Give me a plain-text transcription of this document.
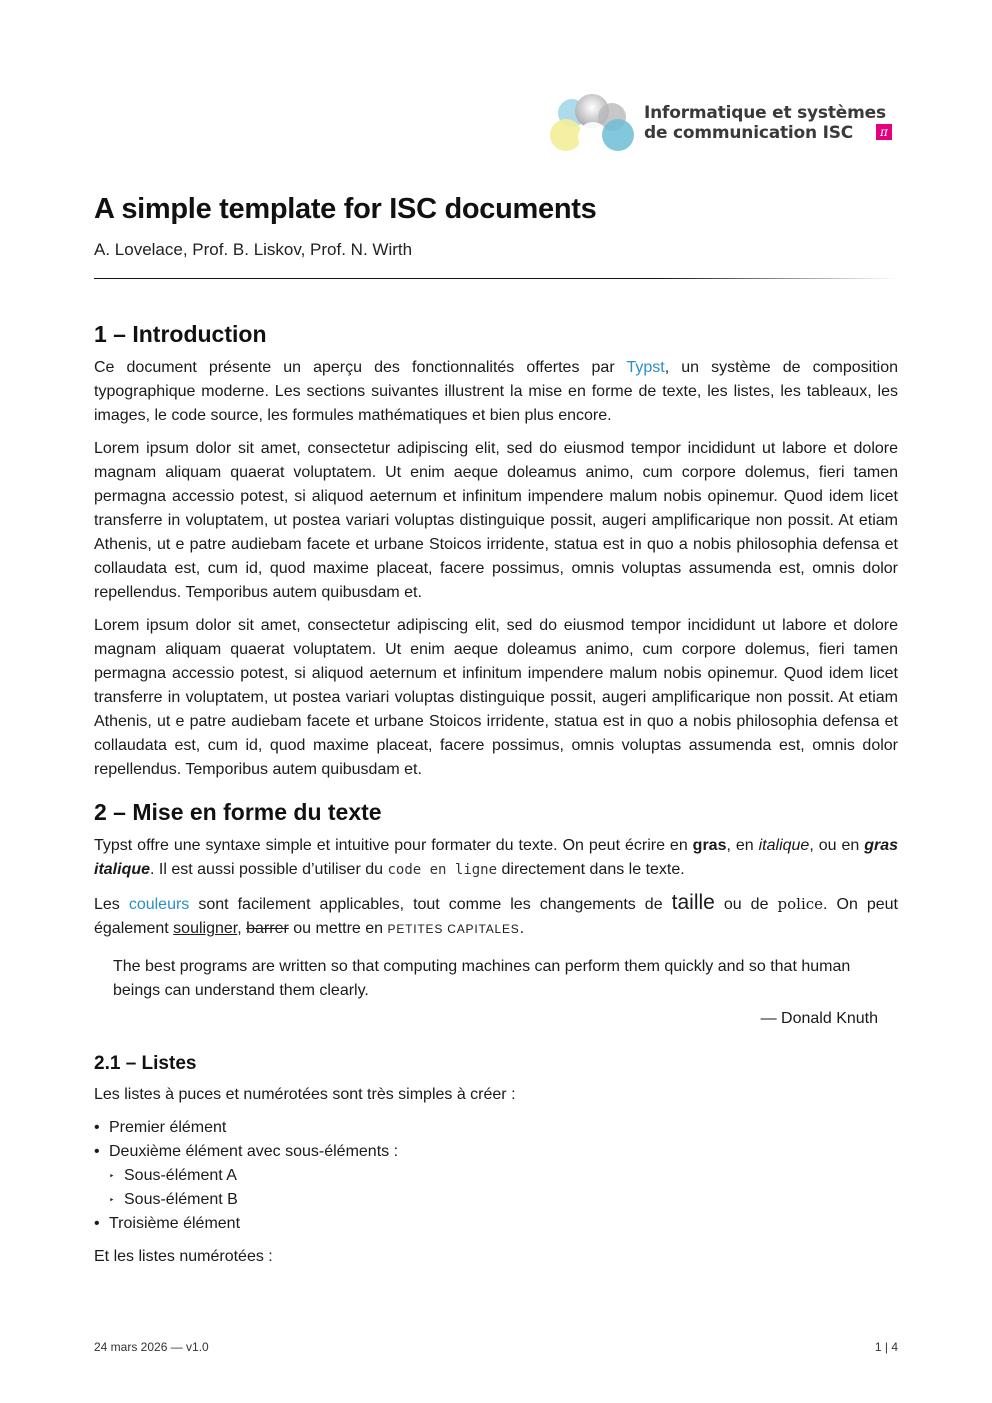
Informatique et systèmes
de communication ISC	π
A simple template for ISC documents
A. Lovelace, Prof. B. Liskov, Prof. N. Wirth
1 – Introduction

Ce document présente un aperçu des fonctionnalités offertes par Typst, un système de composition typographique moderne. Les sections suivantes illustrent la mise en forme de texte, les listes, les tableaux, les images, le code source, les formules mathématiques et bien plus encore.

Lorem ipsum dolor sit amet, consectetur adipiscing elit, sed do eiusmod tempor incididunt ut labore et dolore magnam aliquam quaerat voluptatem. Ut enim aeque doleamus animo, cum corpore dolemus, fieri tamen permagna accessio potest, si aliquod aeternum et infinitum impendere malum nobis opinemur. Quod idem licet transferre in voluptatem, ut postea variari voluptas distinguique possit, augeri amplificarique non possit. At etiam Athenis, ut e patre audiebam facete et urbane Stoicos irridente, statua est in quo a nobis philosophia defensa et collaudata est, cum id, quod maxime placeat, facere possimus, omnis voluptas assumenda est, omnis dolor repellendus. Temporibus autem quibusdam et.

Lorem ipsum dolor sit amet, consectetur adipiscing elit, sed do eiusmod tempor incididunt ut labore et dolore magnam aliquam quaerat voluptatem. Ut enim aeque doleamus animo, cum corpore dolemus, fieri tamen permagna accessio potest, si aliquod aeternum et infinitum impendere malum nobis opinemur. Quod idem licet transferre in voluptatem, ut postea variari voluptas distinguique possit, augeri amplificarique non possit. At etiam Athenis, ut e patre audiebam facete et urbane Stoicos irridente, statua est in quo a nobis philosophia defensa et collaudata est, cum id, quod maxime placeat, facere possimus, omnis voluptas assumenda est, omnis dolor repellendus. Temporibus autem quibusdam et.

2 – Mise en forme du texte

Typst offre une syntaxe simple et intuitive pour formater du texte. On peut écrire en gras, en italique, ou en gras italique. Il est aussi possible d’utiliser du code en ligne directement dans le texte.

Les couleurs sont facilement applicables, tout comme les changements de taille ou de police. On peut également souligner, barrer ou mettre en PETITES CAPITALES.

The best programs are written so that computing machines can perform them quickly and so that human beings can understand them clearly.
— Donald Knuth
2.1 – Listes

Les listes à puces et numérotées sont très simples à créer :

• Premier élément
• Deuxième élément avec sous-éléments :
‣ Sous-élément A
‣ Sous-élément B
• Troisième élément

Et les listes numérotées :

24 mars 2026 — v1.0	1 | 4
